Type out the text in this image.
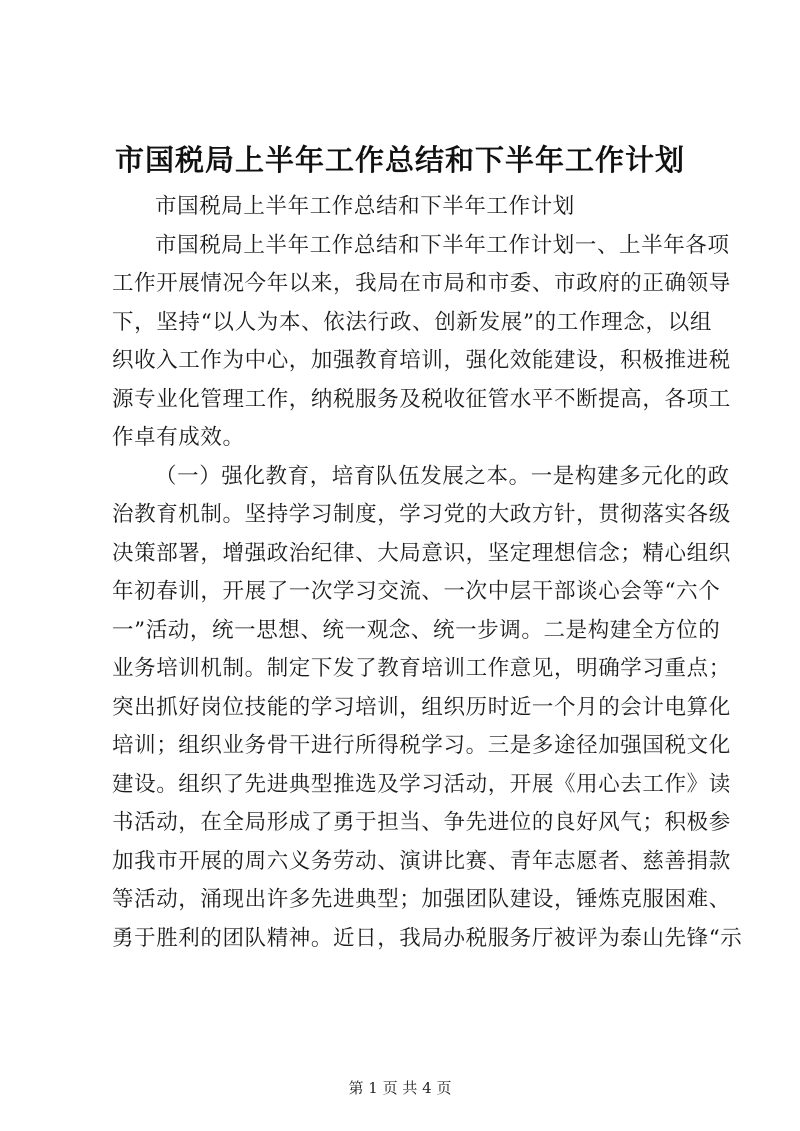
市国税局上半年工作总结和下半年工作计划
市国税局上半年工作总结和下半年工作计划
市国税局上半年工作总结和下半年工作计划一、上半年各项
工作开展情况今年以来，我局在市局和市委、市政府的正确领导
下，坚持“以人为本、依法行政、创新发展”的工作理念，以组
织收入工作为中心，加强教育培训，强化效能建设，积极推进税
源专业化管理工作，纳税服务及税收征管水平不断提高，各项工
作卓有成效。
（一）强化教育，培育队伍发展之本。一是构建多元化的政
治教育机制。坚持学习制度，学习党的大政方针，贯彻落实各级
决策部署，增强政治纪律、大局意识，坚定理想信念；精心组织
年初春训，开展了一次学习交流、一次中层干部谈心会等“六个
一”活动，统一思想、统一观念、统一步调。二是构建全方位的
业务培训机制。制定下发了教育培训工作意见，明确学习重点；
突出抓好岗位技能的学习培训，组织历时近一个月的会计电算化
培训；组织业务骨干进行所得税学习。三是多途径加强国税文化
建设。组织了先进典型推选及学习活动，开展《用心去工作》读
书活动，在全局形成了勇于担当、争先进位的良好风气；积极参
加我市开展的周六义务劳动、演讲比赛、青年志愿者、慈善捐款
等活动，涌现出许多先进典型；加强团队建设，锤炼克服困难、
勇于胜利的团队精神。近日，我局办税服务厅被评为泰山先锋“示
第 1 页 共 4 页
